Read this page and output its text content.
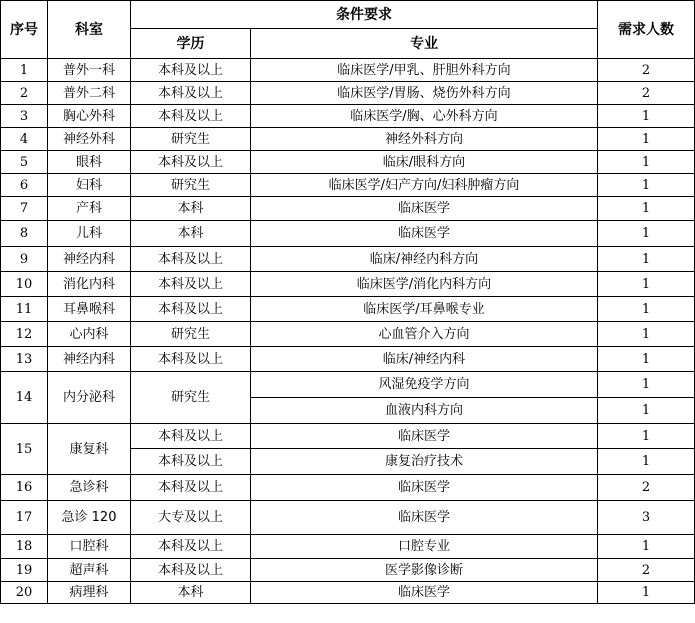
序号	科室	条件要求		需求人数
		学历	专业	
1	普外一科	本科及以上	临床医学/甲乳、肝胆外科方向	2
2	普外二科	本科及以上	临床医学/胃肠、烧伤外科方向	2
3	胸心外科	本科及以上	临床医学/胸、心外科方向	1
4	神经外科	研究生	神经外科方向	1
5	眼科	本科及以上	临床/眼科方向	1
6	妇科	研究生	临床医学/妇产方向/妇科肿瘤方向	1
7	产科	本科	临床医学	1
8	儿科	本科	临床医学	1
9	神经内科	本科及以上	临床/神经内科方向	1
10	消化内科	本科及以上	临床医学/消化内科方向	1
11	耳鼻喉科	本科及以上	临床医学/耳鼻喉专业	1
12	心内科	研究生	心血管介入方向	1
13	神经内科	本科及以上	临床/神经内科	1
14	内分泌科	研究生	风湿免疫学方向	1
			血液内科方向	1
15	康复科	本科及以上	临床医学	1
		本科及以上	康复治疗技术	1
16	急诊科	本科及以上	临床医学	2
17	急诊 120	大专及以上	临床医学	3
18	口腔科	本科及以上	口腔专业	1
19	超声科	本科及以上	医学影像诊断	2
20	病理科	本科	临床医学	1
